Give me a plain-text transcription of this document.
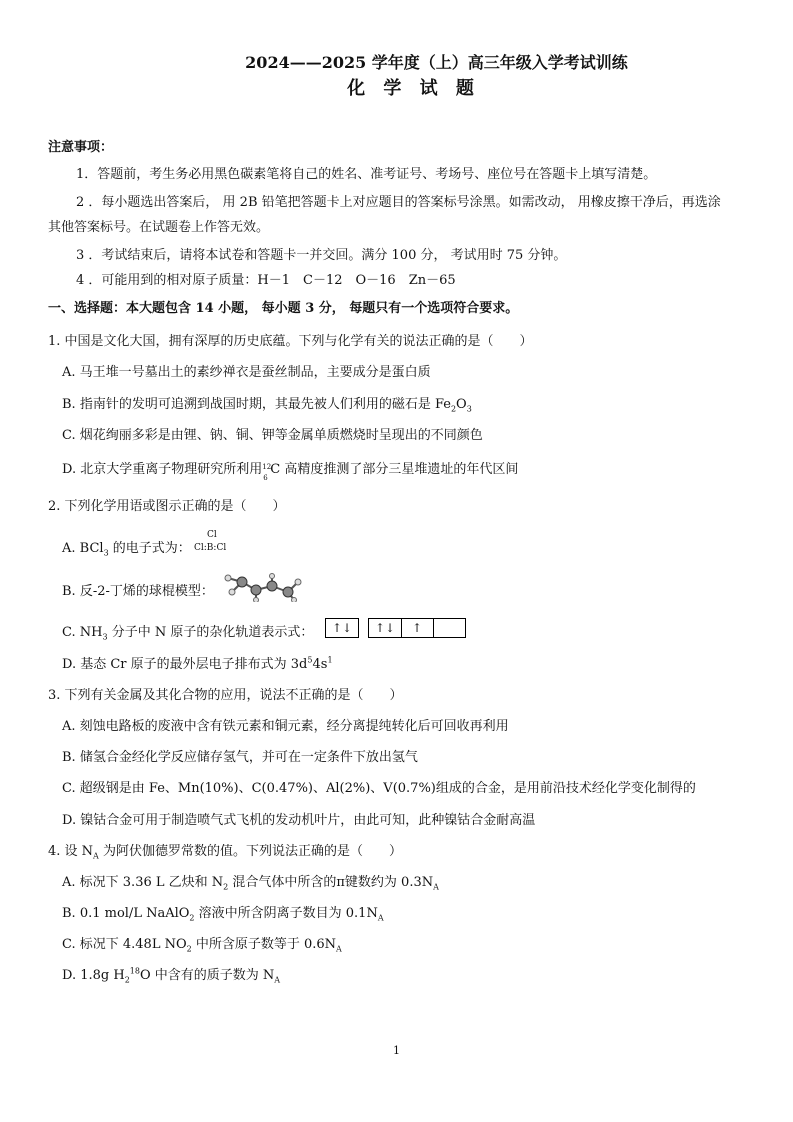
2024——2025 学年度（上）高三年级入学考试训练
化 学 试 题
注意事项：
1．答题前，考生务必用黑色碳素笔将自己的姓名、准考证号、考场号、座位号在答题卡上填写清楚。
2 ．每小题选出答案后， 用 2B 铅笔把答题卡上对应题目的答案标号涂黑。如需改动， 用橡皮擦干净后，再选涂
其他答案标号。在试题卷上作答无效。
3 ．考试结束后，请将本试卷和答题卡一并交回。满分 100 分， 考试用时 75 分钟。
4 ．可能用到的相对原子质量：H－1　C－12　O－16　Zn－65
一、选择题：本大题包含 14 小题， 每小题 3 分， 每题只有一个选项符合要求。
1. 中国是文化大国，拥有深厚的历史底蕴。下列与化学有关的说法正确的是（　　）
A. 马王堆一号墓出土的素纱禅衣是蚕丝制品，主要成分是蛋白质
B. 指南针的发明可追溯到战国时期，其最先被人们利用的磁石是 $Fe_2O_3$
C. 烟花绚丽多彩是由锂、钠、铜、钾等金属单质燃烧时呈现出的不同颜色
D. 北京大学重离子物理研究所利用 12
6
C 高精度推测了部分三星堆遗址的年代区间
2. 下列化学用语或图示正确的是（　　）
A. BCl$_3$ 的电子式为：
Cl
Cl:B:Cl
B. 反-2-丁烯的球棍模型：
C. $NH_3$ 分子中 N 原子的杂化轨道表示式：	↑↓	↑↓	↑
D. 基态 Cr 原子的最外层电子排布式为 $3d^54s^1$
3. 下列有关金属及其化合物的应用，说法不正确的是（　　）
A. 刻蚀电路板的废液中含有铁元素和铜元素，经分离提纯转化后可回收再利用
B. 储氢合金经化学反应储存氢气，并可在一定条件下放出氢气
C. 超级钢是由 Fe、Mn(10%)、C(0.47%)、Al(2%)、V(0.7%)组成的合金，是用前沿技术经化学变化制得的
D. 镍钴合金可用于制造喷气式飞机的发动机叶片，由此可知，此种镍钴合金耐高温
4. 设 $N_A$ 为阿伏伽德罗常数的值。下列说法正确的是（　　）
A. 标况下 3.36 L 乙炔和 $N_2$ 混合气体中所含的π键数约为 $0.3N_A$
B. 0.1 mol/L NaAlO$_2$ 溶液中所含阴离子数目为 $0.1N_A$
C. 标况下 4.48L $NO_2$ 中所含原子数等于 $0.6N_A$
D. 1.8g $H_2^{18}O$ 中含有的质子数为 $N_A$
1
